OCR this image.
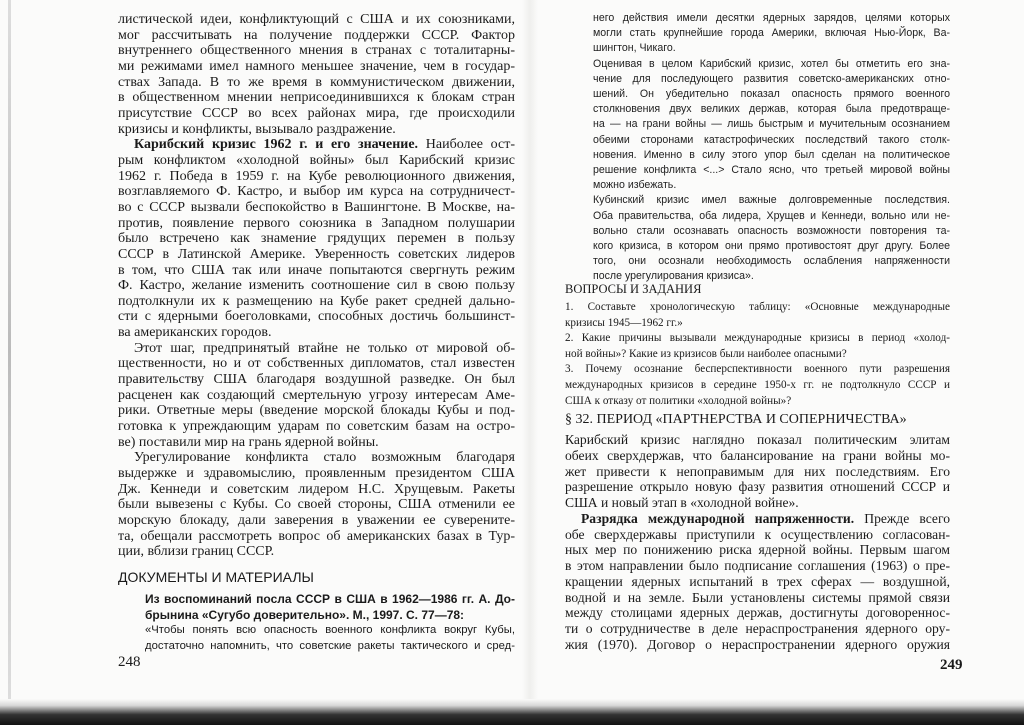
листической идеи, конфликтующий с США и их союзниками,
мог рассчитывать на получение поддержки СССР. Фактор
внутреннего общественного мнения в странах с тоталитарны-
ми режимами имел намного меньшее значение, чем в государ-
ствах Запада. В то же время в коммунистическом движении,
в общественном мнении неприсоединившихся к блокам стран
присутствие СССР во всех районах мира, где происходили
кризисы и конфликты, вызывало раздражение.
Карибский кризис 1962 г. и его значение. Наиболее ост-
рым конфликтом «холодной войны» был Карибский кризис
1962 г. Победа в 1959 г. на Кубе революционного движения,
возглавляемого Ф. Кастро, и выбор им курса на сотрудничест-
во с СССР вызвали беспокойство в Вашингтоне. В Москве, на-
против, появление первого союзника в Западном полушарии
было встречено как знамение грядущих перемен в пользу
СССР в Латинской Америке. Уверенность советских лидеров
в том, что США так или иначе попытаются свергнуть режим
Ф. Кастро, желание изменить соотношение сил в свою пользу
подтолкнули их к размещению на Кубе ракет средней дально-
сти с ядерными боеголовками, способных достичь большинст-
ва американских городов.
Этот шаг, предпринятый втайне не только от мировой об-
щественности, но и от собственных дипломатов, стал известен
правительству США благодаря воздушной разведке. Он был
расценен как создающий смертельную угрозу интересам Аме-
рики. Ответные меры (введение морской блокады Кубы и под-
готовка к упреждающим ударам по советским базам на остро-
ве) поставили мир на грань ядерной войны.
Урегулирование конфликта стало возможным благодаря
выдержке и здравомыслию, проявленным президентом США
Дж. Кеннеди и советским лидером Н.С. Хрущевым. Ракеты
были вывезены с Кубы. Со своей стороны, США отменили ее
морскую блокаду, дали заверения в уважении ее суверените-
та, обещали рассмотреть вопрос об американских базах в Тур-
ции, вблизи границ СССР.
ДОКУМЕНТЫ И МАТЕРИАЛЫ
Из воспоминаний посла СССР в США в 1962—1986 гг. А. До-
брынина «Сугубо доверительно». М., 1997. С. 77—78:
«Чтобы понять всю опасность военного конфликта вокруг Кубы,
достаточно напомнить, что советские ракеты тактического и сред-
248
него действия имели десятки ядерных зарядов, целями которых
могли стать крупнейшие города Америки, включая Нью-Йорк, Ва-
шингтон, Чикаго.
Оценивая в целом Карибский кризис, хотел бы отметить его зна-
чение для последующего развития советско-американских отно-
шений. Он убедительно показал опасность прямого военного
столкновения двух великих держав, которая была предотвраще-
на — на грани войны — лишь быстрым и мучительным осознанием
обеими сторонами катастрофических последствий такого столк-
новения. Именно в силу этого упор был сделан на политическое
решение конфликта <...> Стало ясно, что третьей мировой войны
можно избежать.
Кубинский кризис имел важные долговременные последствия.
Оба правительства, оба лидера, Хрущев и Кеннеди, вольно или не-
вольно стали осознавать опасность возможности повторения та-
кого кризиса, в котором они прямо противостоят друг другу. Более
того, они осознали необходимость ослабления напряженности
после урегулирования кризиса».
ВОПРОСЫ И ЗАДАНИЯ
1. Составьте хронологическую таблицу: «Основные международные
кризисы 1945—1962 гг.»
2. Какие причины вызывали международные кризисы в период «холод-
ной войны»? Какие из кризисов были наиболее опасными?
3. Почему осознание бесперспективности военного пути разрешения
международных кризисов в середине 1950-х гг. не подтолкнуло СССР и
США к отказу от политики «холодной войны»?
§ 32. ПЕРИОД «ПАРТНЕРСТВА И СОПЕРНИЧЕСТВА»
Карибский кризис наглядно показал политическим элитам
обеих сверхдержав, что балансирование на грани войны мо-
жет привести к непоправимым для них последствиям. Его
разрешение открыло новую фазу развития отношений СССР и
США и новый этап в «холодной войне».
Разрядка международной напряженности. Прежде всего
обе сверхдержавы приступили к осуществлению согласован-
ных мер по понижению риска ядерной войны. Первым шагом
в этом направлении было подписание соглашения (1963) о пре-
кращении ядерных испытаний в трех сферах — воздушной,
водной и на земле. Были установлены системы прямой связи
между столицами ядерных держав, достигнуты договореннос-
ти о сотрудничестве в деле нераспространения ядерного ору-
жия (1970). Договор о нераспространении ядерного оружия
249
